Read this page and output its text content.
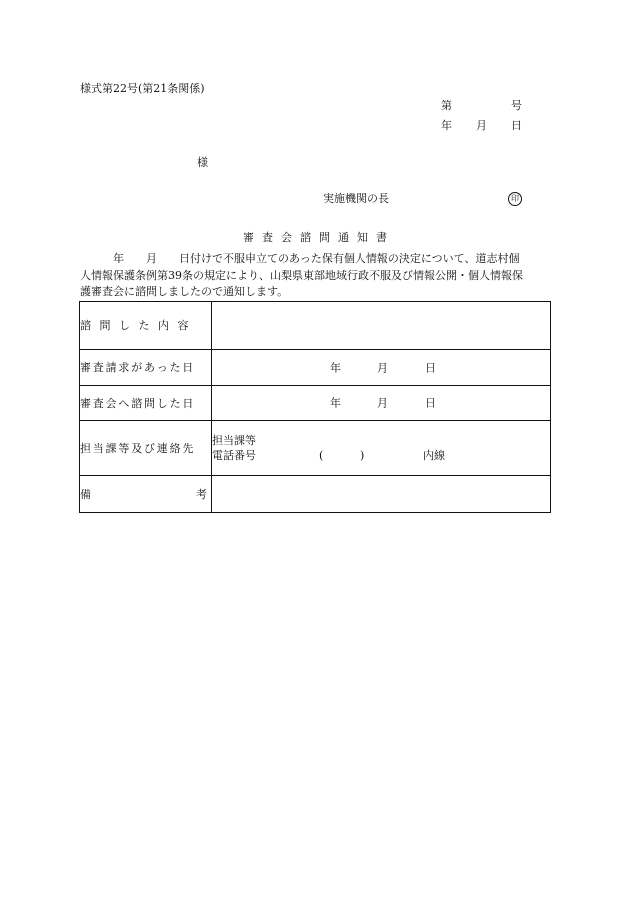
様式第22号(第21条関係)
第	号
年 月 日
様
実施機関の長	印
審査会諮問通知書
年 月 日付けで不服申立てのあった保有個人情報の決定について、道志村個
人情報保護条例第39条の規定により、山梨県東部地域行政不服及び情報公開・個人情報保
護審査会に諮問しましたので通知します。
諮問した内容	

審査請求があった日	年 月 日

審査会へ諮問した日	年 月 日

担当課等及び連絡先	担当課等
電話番号 ( ) 内線

備 考	
